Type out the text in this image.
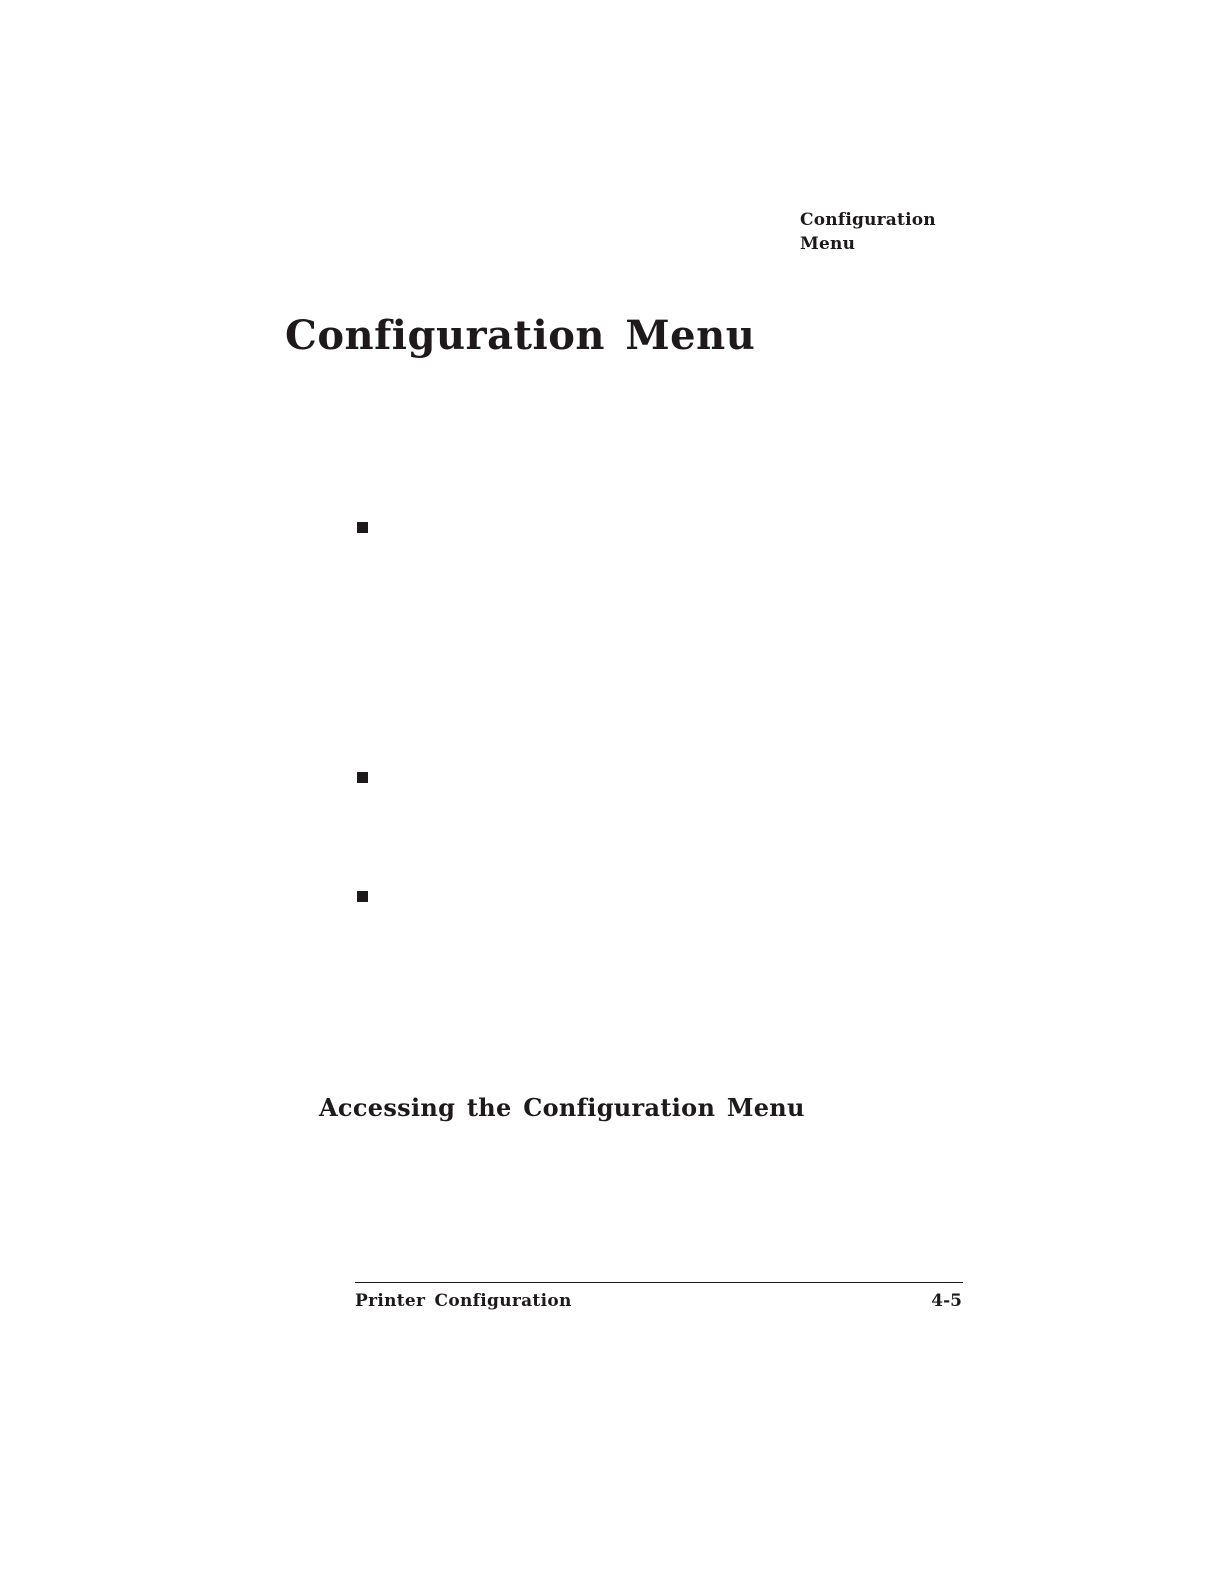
Configuration
Menu
Configuration Menu
Accessing the Configuration Menu
Printer Configuration	4-5
